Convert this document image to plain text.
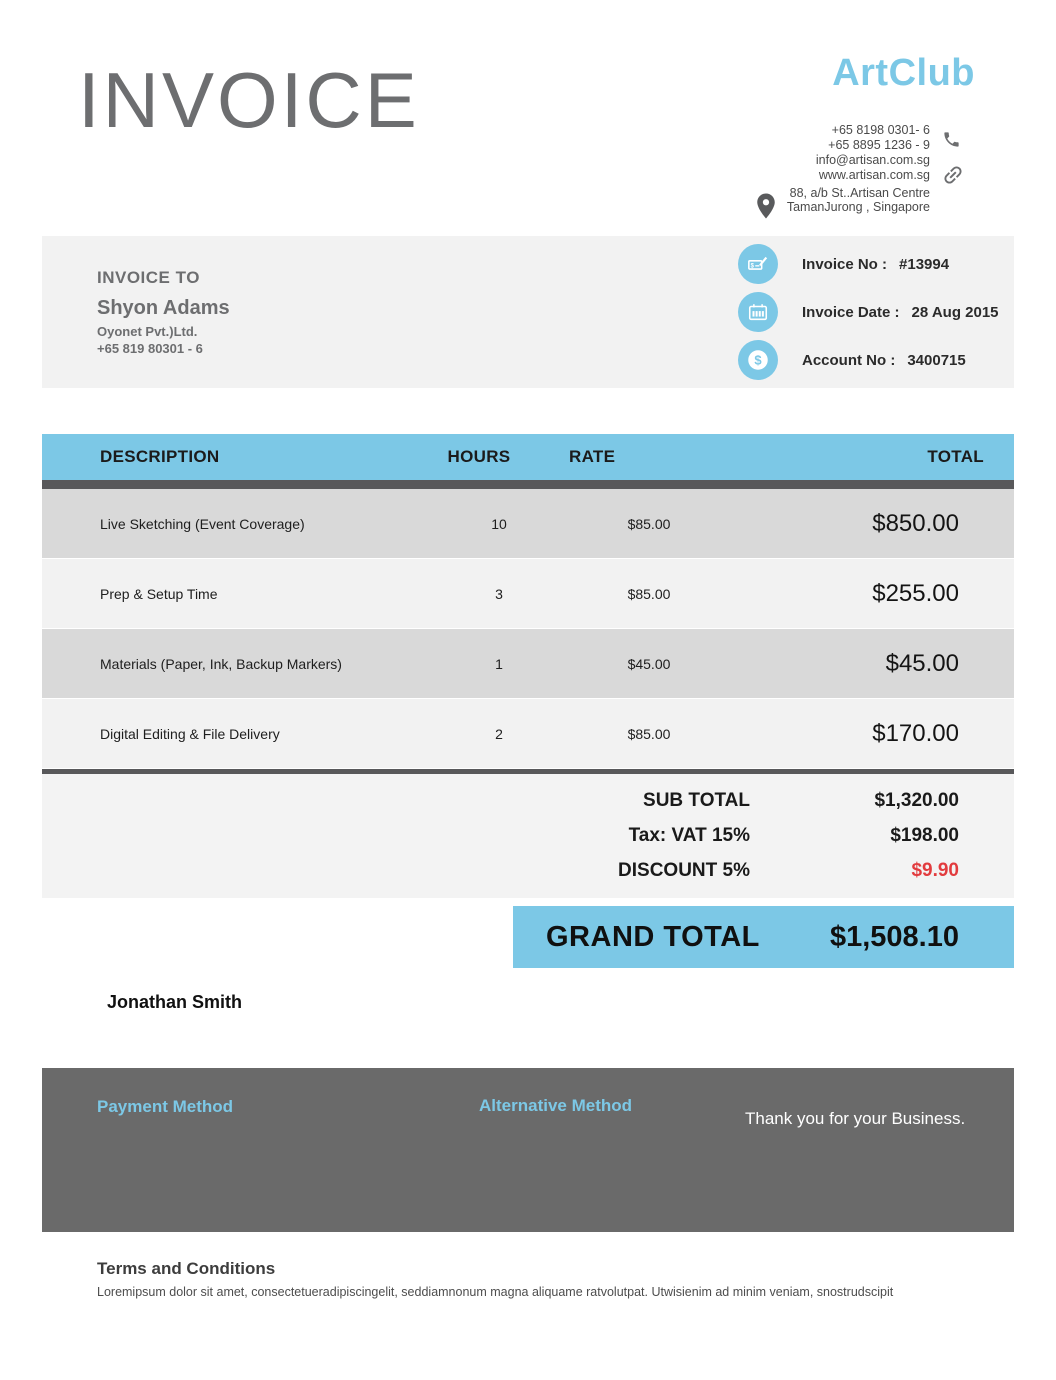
INVOICE	ArtClub
+65 8198 0301- 6
+65 8895 1236 - 9
info@artisan.com.sg
www.artisan.com.sg
88, a/b St..Artisan Centre
TamanJurong , Singapore
INVOICE TO
Shyon Adams
Oyonet Pvt.)Ltd.
+65 819 80301 - 6
$	Invoice No : #13994
Invoice Date : 28 Aug 2015
$	Account No : 3400715
DESCRIPTION	HOURS	RATE	TOTAL
Live Sketching (Event Coverage)	10	$85.00	$850.00
Prep & Setup Time	3	$85.00	$255.00
Materials (Paper, Ink, Backup Markers)	1	$45.00	$45.00
Digital Editing & File Delivery	2	$85.00	$170.00
SUB TOTAL	$1,320.00
Tax: VAT 15%	$198.00
DISCOUNT 5%	$9.90
GRAND TOTAL $1,508.10
Jonathan Smith
Payment Method	Alternative Method
Thank you for your Business.
Terms and Conditions
Loremipsum dolor sit amet, consectetueradipiscingelit, seddiamnonum magna aliquame ratvolutpat. Utwisienim ad minim veniam, snostrudscipit
